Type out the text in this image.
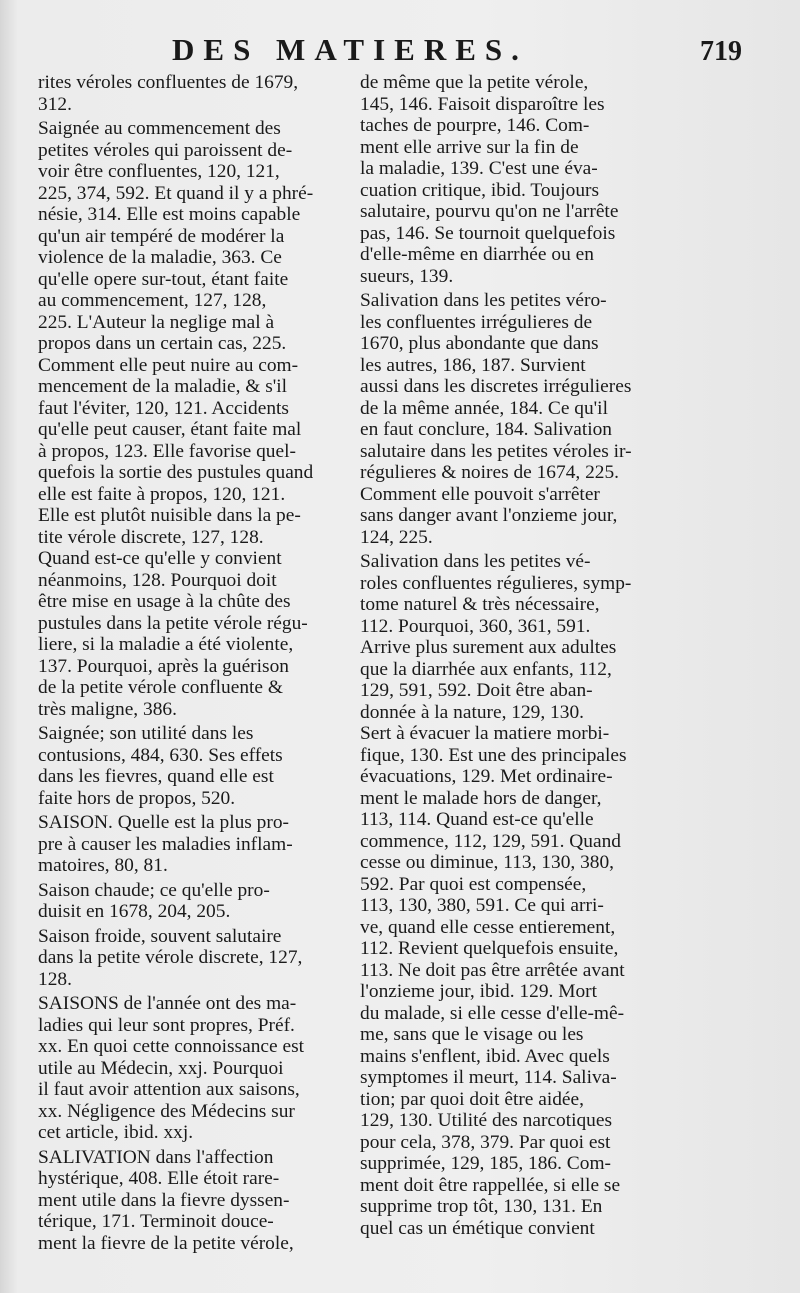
DES MATIERES.	719

rites véroles confluentes de 1679,
312.

Saignée au commencement des
petites véroles qui paroissent de-
voir être confluentes, 120, 121,
225, 374, 592. Et quand il y a phré-
nésie, 314. Elle est moins capable
qu'un air tempéré de modérer la
violence de la maladie, 363. Ce
qu'elle opere sur-tout, étant faite
au commencement, 127, 128,
225. L'Auteur la neglige mal à
propos dans un certain cas, 225.
Comment elle peut nuire au com-
mencement de la maladie, & s'il
faut l'éviter, 120, 121. Accidents
qu'elle peut causer, étant faite mal
à propos, 123. Elle favorise quel-
quefois la sortie des pustules quand
elle est faite à propos, 120, 121.
Elle est plutôt nuisible dans la pe-
tite vérole discrete, 127, 128.
Quand est-ce qu'elle y convient
néanmoins, 128. Pourquoi doit
être mise en usage à la chûte des
pustules dans la petite vérole régu-
liere, si la maladie a été violente,
137. Pourquoi, après la guérison
de la petite vérole confluente &
très maligne, 386.

Saignée; son utilité dans les
contusions, 484, 630. Ses effets
dans les fievres, quand elle est
faite hors de propos, 520.

SAISON. Quelle est la plus pro-
pre à causer les maladies inflam-
matoires, 80, 81.

Saison chaude; ce qu'elle pro-
duisit en 1678, 204, 205.

Saison froide, souvent salutaire
dans la petite vérole discrete, 127,
128.

SAISONS de l'année ont des ma-
ladies qui leur sont propres, Préf.
xx. En quoi cette connoissance est
utile au Médecin, xxj. Pourquoi
il faut avoir attention aux saisons,
xx. Négligence des Médecins sur
cet article, ibid. xxj.

SALIVATION dans l'affection
hystérique, 408. Elle étoit rare-
ment utile dans la fievre dyssen-
térique, 171. Terminoit douce-
ment la fievre de la petite vérole,

de même que la petite vérole,
145, 146. Faisoit disparoître les
taches de pourpre, 146. Com-
ment elle arrive sur la fin de
la maladie, 139. C'est une éva-
cuation critique, ibid. Toujours
salutaire, pourvu qu'on ne l'arrête
pas, 146. Se tournoit quelquefois
d'elle-même en diarrhée ou en
sueurs, 139.

Salivation dans les petites véro-
les confluentes irrégulieres de
1670, plus abondante que dans
les autres, 186, 187. Survient
aussi dans les discretes irrégulieres
de la même année, 184. Ce qu'il
en faut conclure, 184. Salivation
salutaire dans les petites véroles ir-
régulieres & noires de 1674, 225.
Comment elle pouvoit s'arrêter
sans danger avant l'onzieme jour,
124, 225.

Salivation dans les petites vé-
roles confluentes régulieres, symp-
tome naturel & très nécessaire,
112. Pourquoi, 360, 361, 591.
Arrive plus surement aux adultes
que la diarrhée aux enfants, 112,
129, 591, 592. Doit être aban-
donnée à la nature, 129, 130.
Sert à évacuer la matiere morbi-
fique, 130. Est une des principales
évacuations, 129. Met ordinaire-
ment le malade hors de danger,
113, 114. Quand est-ce qu'elle
commence, 112, 129, 591. Quand
cesse ou diminue, 113, 130, 380,
592. Par quoi est compensée,
113, 130, 380, 591. Ce qui arri-
ve, quand elle cesse entierement,
112. Revient quelquefois ensuite,
113. Ne doit pas être arrêtée avant
l'onzieme jour, ibid. 129. Mort
du malade, si elle cesse d'elle-mê-
me, sans que le visage ou les
mains s'enflent, ibid. Avec quels
symptomes il meurt, 114. Saliva-
tion; par quoi doit être aidée,
129, 130. Utilité des narcotiques
pour cela, 378, 379. Par quoi est
supprimée, 129, 185, 186. Com-
ment doit être rappellée, si elle se
supprime trop tôt, 130, 131. En
quel cas un émétique convient
